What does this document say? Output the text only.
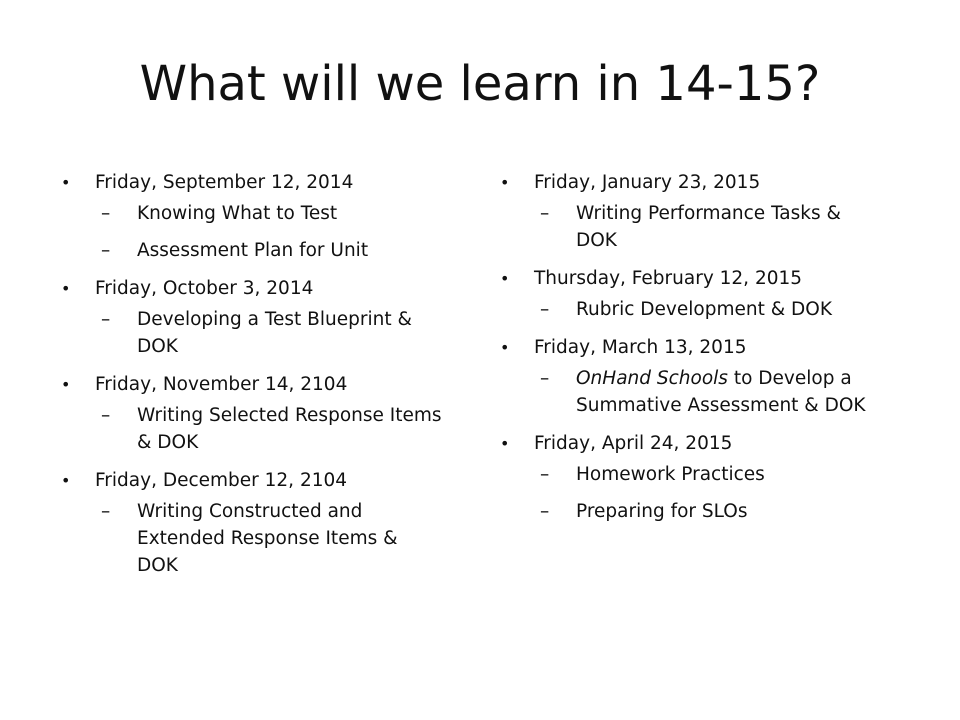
What will we learn in 14-15?
• Friday, September 12, 2014
– Knowing What to Test
– Assessment Plan for Unit
• Friday, October 3, 2014
– Developing a Test Blueprint & DOK
• Friday, November 14, 2104
– Writing Selected Response Items & DOK
• Friday, December 12, 2104
– Writing Constructed and Extended Response Items & DOK
• Friday, January 23, 2015
– Writing Performance Tasks & DOK
• Thursday, February 12, 2015
– Rubric Development & DOK
• Friday, March 13, 2015
– OnHand Schools to Develop a Summative Assessment & DOK
• Friday, April 24, 2015
– Homework Practices
– Preparing for SLOs
